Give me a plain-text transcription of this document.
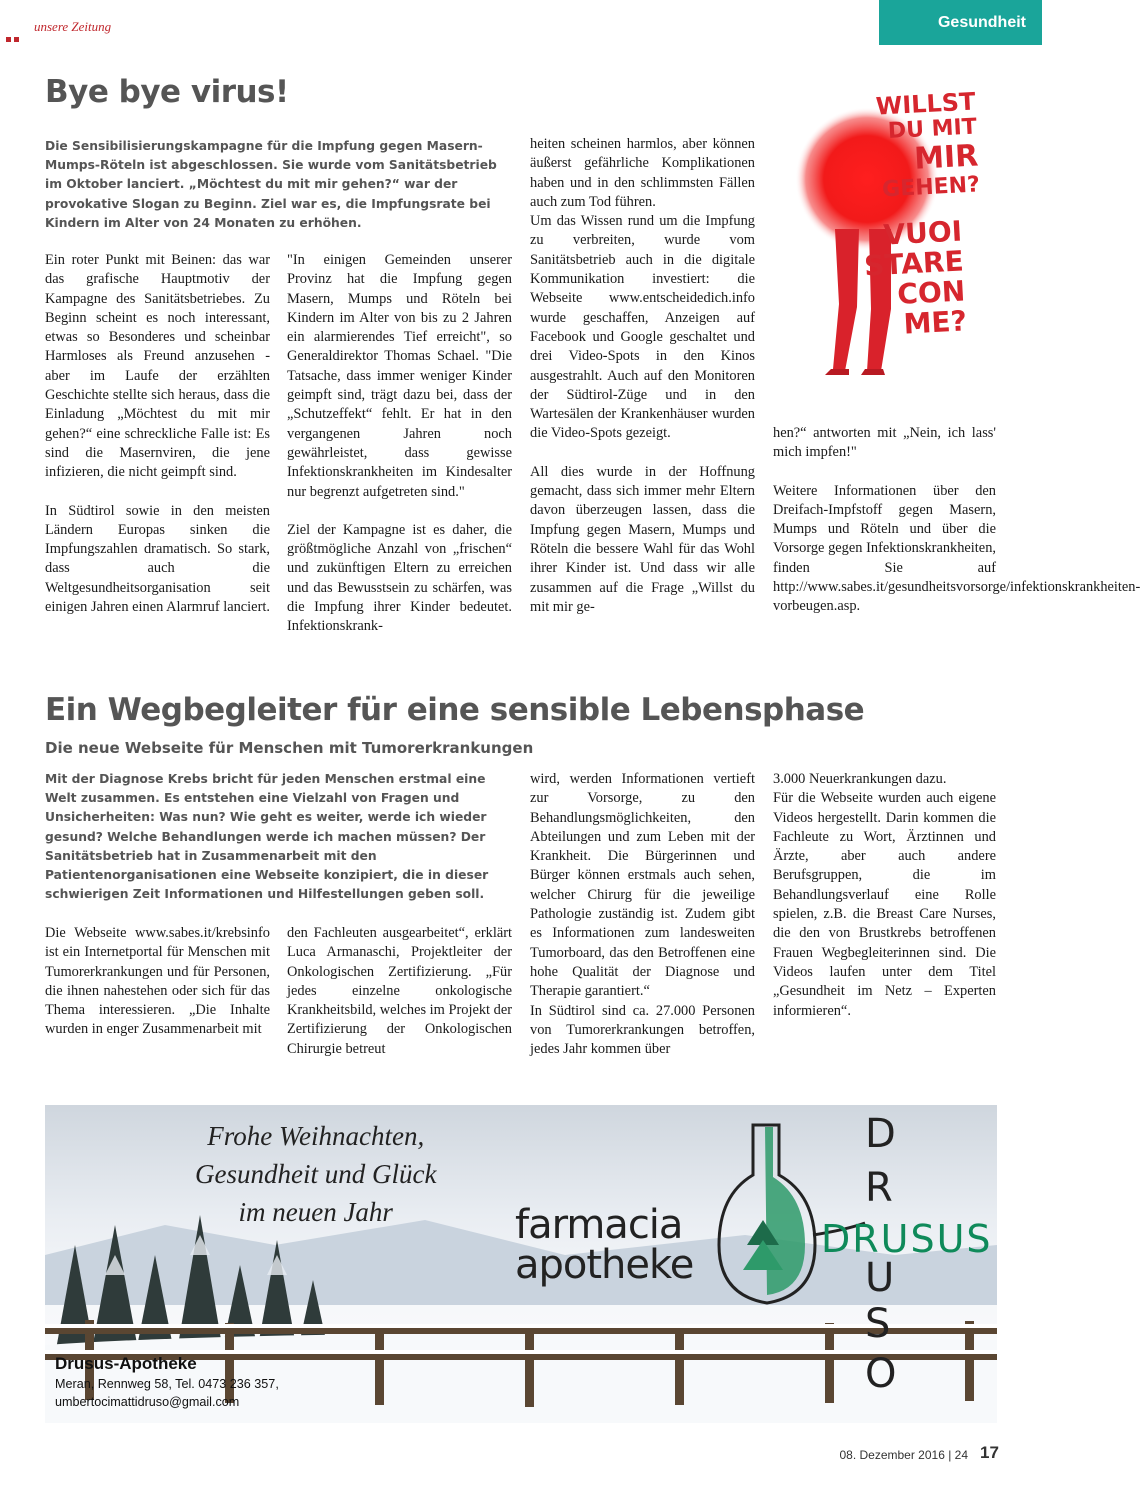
unsere Zeitung	Gesundheit
Bye bye virus!

Die Sensibilisierungskampagne für die Impfung gegen Masern-Mumps-Röteln ist abgeschlossen. Sie wurde vom Sanitätsbetrieb im Oktober lanciert. „Möchtest du mit mir gehen?“ war der provokative Slogan zu Beginn. Ziel war es, die Impfungsrate bei Kindern im Alter von 24 Monaten zu erhöhen.

Ein roter Punkt mit Beinen: das war das grafische Hauptmotiv der Kampagne des Sanitätsbetriebes. Zu Beginn scheint es noch interessant, etwas so Besonderes und scheinbar Harmloses als Freund anzusehen - aber im Laufe der erzählten Geschichte stellte sich heraus, dass die Einladung „Möchtest du mit mir gehen?“ eine schreckliche Falle ist: Es sind die Masernviren, die jene infizieren, die nicht geimpft sind.

In Südtirol sowie in den meisten Ländern Europas sinken die Impfungszahlen dramatisch. So stark, dass auch die Weltgesundheitsorganisation seit einigen Jahren einen Alarmruf lanciert.

"In einigen Gemeinden unserer Provinz hat die Impfung gegen Masern, Mumps und Röteln bei Kindern im Alter von bis zu 2 Jahren ein alarmierendes Tief erreicht", so Generaldirektor Thomas Schael. "Die Tatsache, dass immer weniger Kinder geimpft sind, trägt dazu bei, dass der „Schutzeffekt“ fehlt. Er hat in den vergangenen Jahren noch gewährleistet, dass gewisse Infektionskrankheiten im Kindesalter nur begrenzt aufgetreten sind."

Ziel der Kampagne ist es daher, die größtmögliche Anzahl von „frischen“ und zukünftigen Eltern zu erreichen und das Bewusstsein zu schärfen, was die Impfung ihrer Kinder bedeutet. Infektionskrank-

heiten scheinen harmlos, aber können äußerst gefährliche Komplikationen haben und in den schlimmsten Fällen auch zum Tod führen.

Um das Wissen rund um die Impfung zu verbreiten, wurde vom Sanitätsbetrieb auch in die digitale Kommunikation investiert: die Webseite www.entscheidedich.info wurde geschaffen, Anzeigen auf Facebook und Google geschaltet und drei Video-Spots in den Kinos ausgestrahlt. Auch auf den Monitoren der Südtirol-Züge und in den Wartesälen der Krankenhäuser wurden die Video-Spots gezeigt.

All dies wurde in der Hoffnung gemacht, dass sich immer mehr Eltern davon überzeugen lassen, dass die Impfung gegen Masern, Mumps und Röteln die bessere Wahl für das Wohl ihrer Kinder ist. Und dass wir alle zusammen auf die Frage „Willst du mit mir ge-

hen?“ antworten mit „Nein, ich lass' mich impfen!"

Weitere Informationen über den Dreifach-Impfstoff gegen Masern, Mumps und Röteln und über die Vorsorge gegen Infektionskrankheiten, finden Sie auf http://www.sabes.it/gesundheitsvorsorge/infektionskrankheiten-vorbeugen.asp.

WILLST
DU MIT
MIR
GEHEN?
VUOI
STARE
CON
ME?
Ein Wegbegleiter für eine sensible Lebensphase
Die neue Webseite für Menschen mit Tumorerkrankungen

Mit der Diagnose Krebs bricht für jeden Menschen erstmal eine Welt zusammen. Es entstehen eine Vielzahl von Fragen und Unsicherheiten: Was nun? Wie geht es weiter, werde ich wieder gesund? Welche Behandlungen werde ich machen müssen? Der Sanitätsbetrieb hat in Zusammenarbeit mit den Patientenorganisationen eine Webseite konzipiert, die in dieser schwierigen Zeit Informationen und Hilfestellungen geben soll.

Die Webseite www.sabes.it/krebsinfo ist ein Internetportal für Menschen mit Tumorerkrankungen und für Personen, die ihnen nahestehen oder sich für das Thema interessieren. „Die Inhalte wurden in enger Zusammenarbeit mit

den Fachleuten ausgearbeitet“, erklärt Luca Armanaschi, Projektleiter der Onkologischen Zertifizierung. „Für jedes einzelne onkologische Krankheitsbild, welches im Projekt der Zertifizierung der Onkologischen Chirurgie betreut

wird, werden Informationen vertieft zur Vorsorge, zu den Behandlungsmöglichkeiten, den Abteilungen und zum Leben mit der Krankheit. Die Bürgerinnen und Bürger können erstmals auch sehen, welcher Chirurg für die jeweilige Pathologie zuständig ist. Zudem gibt es Informationen zum landesweiten Tumorboard, das den Betroffenen eine hohe Qualität der Diagnose und Therapie garantiert.“

In Südtirol sind ca. 27.000 Personen von Tumorerkrankungen betroffen, jedes Jahr kommen über

3.000 Neuerkrankungen dazu.

Für die Webseite wurden auch eigene Videos hergestellt. Darin kommen die Fachleute zu Wort, Ärztinnen und Ärzte, aber auch andere Berufsgruppen, die im Behandlungsverlauf eine Rolle spielen, z.B. die Breast Care Nurses, die den von Brustkrebs betroffenen Frauen Wegbegleiterinnen sind. Die Videos laufen unter dem Titel „Gesundheit im Netz – Experten informieren“.

Frohe Weihnachten,
Gesundheit und Glück
im neuen Jahr	farmacia
apotheke
DRUSUS
D
R
U
S
O
Drusus-Apotheke
Meran, Rennweg 58, Tel. 0473 236 357,
umbertocimattidruso@gmail.com
08. Dezember 2016 | 24 17
